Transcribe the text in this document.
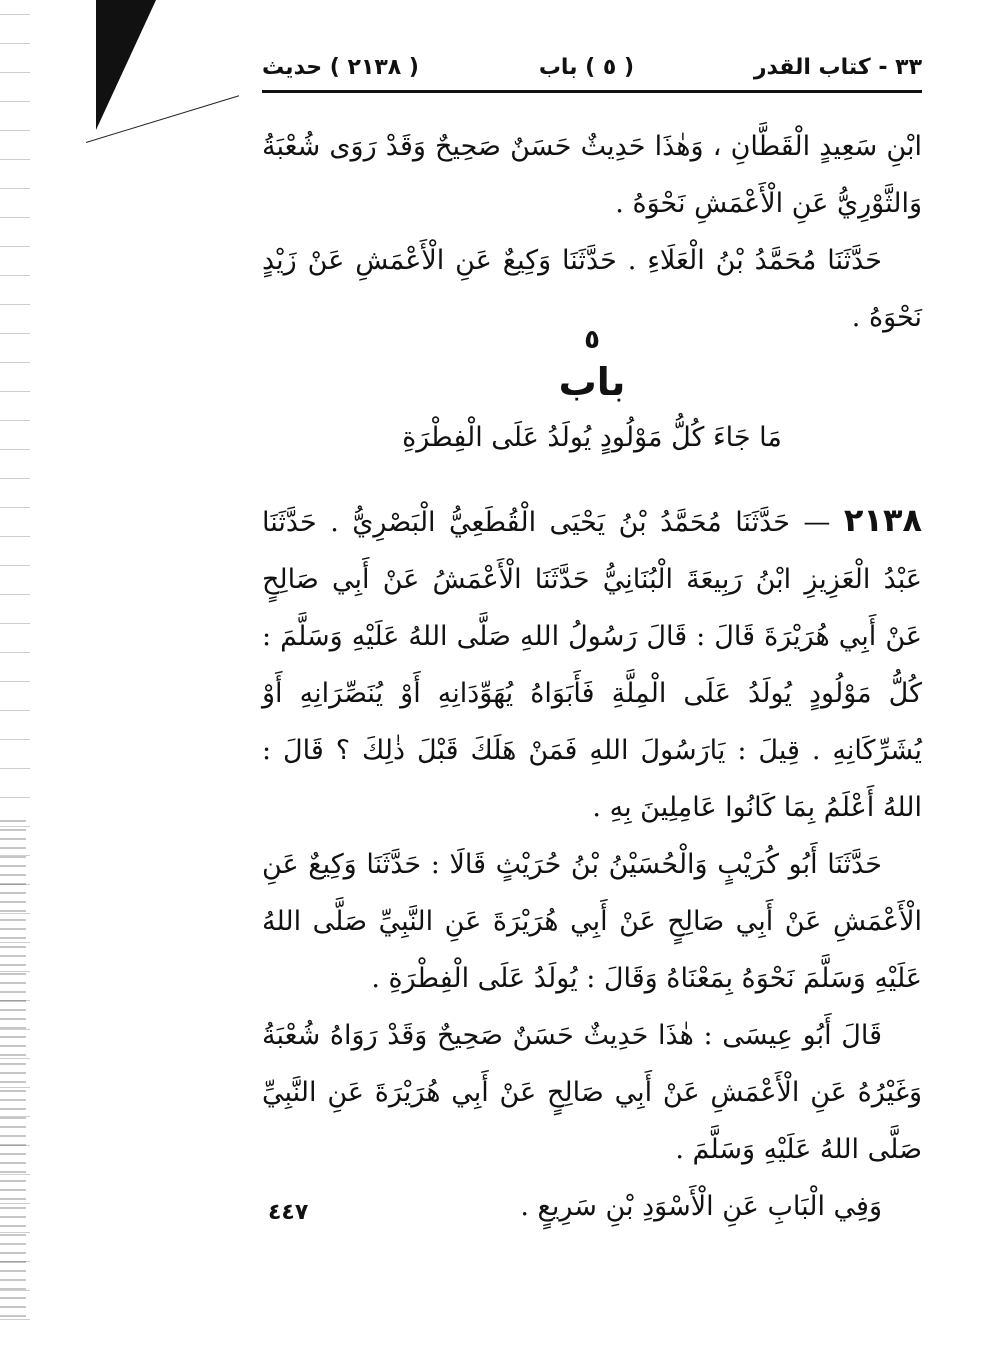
٣٣ - كتاب القدر
( ٥ ) باب
( ٢١٣٨ ) حديث

ابْنِ سَعِيدٍ الْقَطَّانِ ، وَهٰذَا حَدِيثٌ حَسَنٌ صَحِيحٌ وَقَدْ رَوَى شُعْبَةُ وَالثَّوْرِيُّ عَنِ الْأَعْمَشِ نَحْوَهُ .

حَدَّثَنَا مُحَمَّدُ بْنُ الْعَلَاءِ . حَدَّثَنَا وَكِيعٌ عَنِ الْأَعْمَشِ عَنْ زَيْدٍ نَحْوَهُ .

٥
باب
مَا جَاءَ كُلُّ مَوْلُودٍ يُولَدُ عَلَى الْفِطْرَةِ

٢١٣٨ — حَدَّثَنَا مُحَمَّدُ بْنُ يَحْيَى الْقُطَعِيُّ الْبَصْرِيُّ . حَدَّثَنَا عَبْدُ الْعَزِيزِ ابْنُ رَبِيعَةَ الْبُنَانِيُّ حَدَّثَنَا الْأَعْمَشُ عَنْ أَبِي صَالِحٍ عَنْ أَبِي هُرَيْرَةَ قَالَ : قَالَ رَسُولُ اللهِ صَلَّى اللهُ عَلَيْهِ وَسَلَّمَ : كُلُّ مَوْلُودٍ يُولَدُ عَلَى الْمِلَّةِ فَأَبَوَاهُ يُهَوِّدَانِهِ أَوْ يُنَصِّرَانِهِ أَوْ يُشَرِّكَانِهِ . قِيلَ : يَارَسُولَ اللهِ فَمَنْ هَلَكَ قَبْلَ ذٰلِكَ ؟ قَالَ : اللهُ أَعْلَمُ بِمَا كَانُوا عَامِلِينَ بِهِ .

حَدَّثَنَا أَبُو كُرَيْبٍ وَالْحُسَيْنُ بْنُ حُرَيْثٍ قَالَا : حَدَّثَنَا وَكِيعٌ عَنِ الْأَعْمَشِ عَنْ أَبِي صَالِحٍ عَنْ أَبِي هُرَيْرَةَ عَنِ النَّبِيِّ صَلَّى اللهُ عَلَيْهِ وَسَلَّمَ نَحْوَهُ بِمَعْنَاهُ وَقَالَ : يُولَدُ عَلَى الْفِطْرَةِ .

قَالَ أَبُو عِيسَى : هٰذَا حَدِيثٌ حَسَنٌ صَحِيحٌ وَقَدْ رَوَاهُ شُعْبَةُ وَغَيْرُهُ عَنِ الْأَعْمَشِ عَنْ أَبِي صَالِحٍ عَنْ أَبِي هُرَيْرَةَ عَنِ النَّبِيِّ صَلَّى اللهُ عَلَيْهِ وَسَلَّمَ .

وَفِي الْبَابِ عَنِ الْأَسْوَدِ بْنِ سَرِيعٍ .

٤٤٧
